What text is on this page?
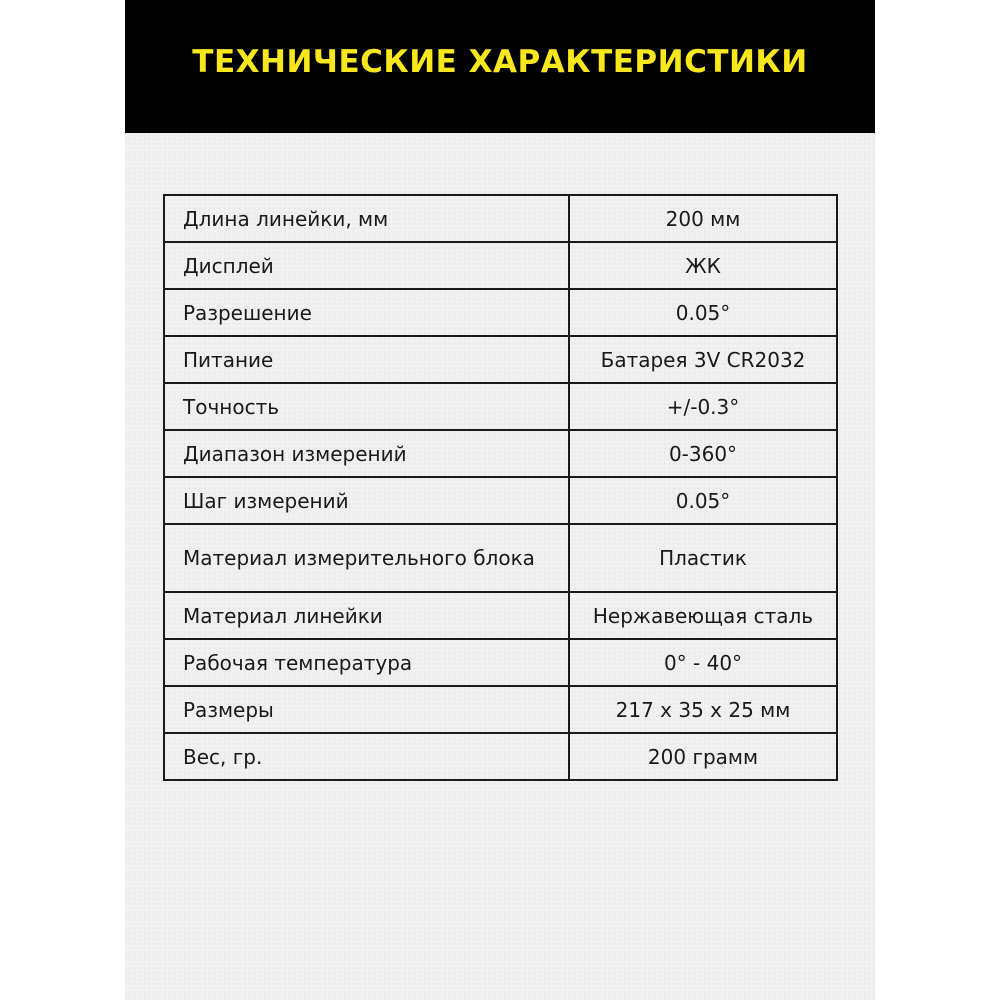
ТЕХНИЧЕСКИЕ ХАРАКТЕРИСТИКИ
Длина линейки, мм	200 мм
Дисплей	ЖК
Разрешение	0.05°
Питание	Батарея 3V CR2032
Точность	+/-0.3°
Диапазон измерений	0-360°
Шаг измерений	0.05°
Материал измерительного блока	Пластик
Материал линейки	Нержавеющая сталь
Рабочая температура	0° - 40°
Размеры	217 x 35 x 25 мм
Вес, гр.	200 грамм
